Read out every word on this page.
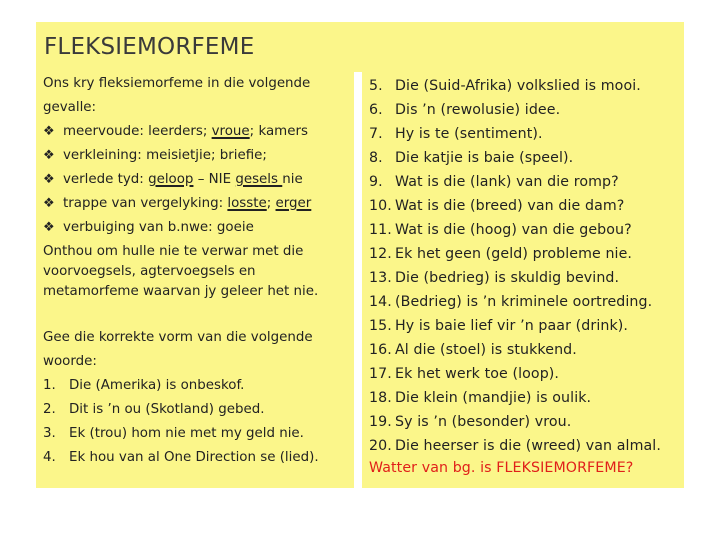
FLEKSIEMORFEME
Ons kry fleksiemorfeme in die volgende
gevalle:
❖ meervoude: leerders; vroue; kamers
❖ verkleining: meisietjie; briefie;
❖ verlede tyd: geloop – NIE gesels nie
❖ trappe van vergelyking: losste; erger
❖ verbuiging van b.nwe: goeie
Onthou om hulle nie te verwar met die
voorvoegsels, agtervoegsels en
metamorfeme waarvan jy geleer het nie.
Gee die korrekte vorm van die volgende
woorde:
1. Die (Amerika) is onbeskof.
2. Dit is ’n ou (Skotland) gebed.
3. Ek (trou) hom nie met my geld nie.
4. Ek hou van al One Direction se (lied).
5. Die (Suid-Afrika) volkslied is mooi.
6. Dis ’n (rewolusie) idee.
7. Hy is te (sentiment).
8. Die katjie is baie (speel).
9. Wat is die (lank) van die romp?
10. Wat is die (breed) van die dam?
11. Wat is die (hoog) van die gebou?
12. Ek het geen (geld) probleme nie.
13. Die (bedrieg) is skuldig bevind.
14. (Bedrieg) is ’n kriminele oortreding.
15. Hy is baie lief vir ’n paar (drink).
16. Al die (stoel) is stukkend.
17. Ek het werk toe (loop).
18. Die klein (mandjie) is oulik.
19. Sy is ’n (besonder) vrou.
20. Die heerser is die (wreed) van almal.
Watter van bg. is FLEKSIEMORFEME?
